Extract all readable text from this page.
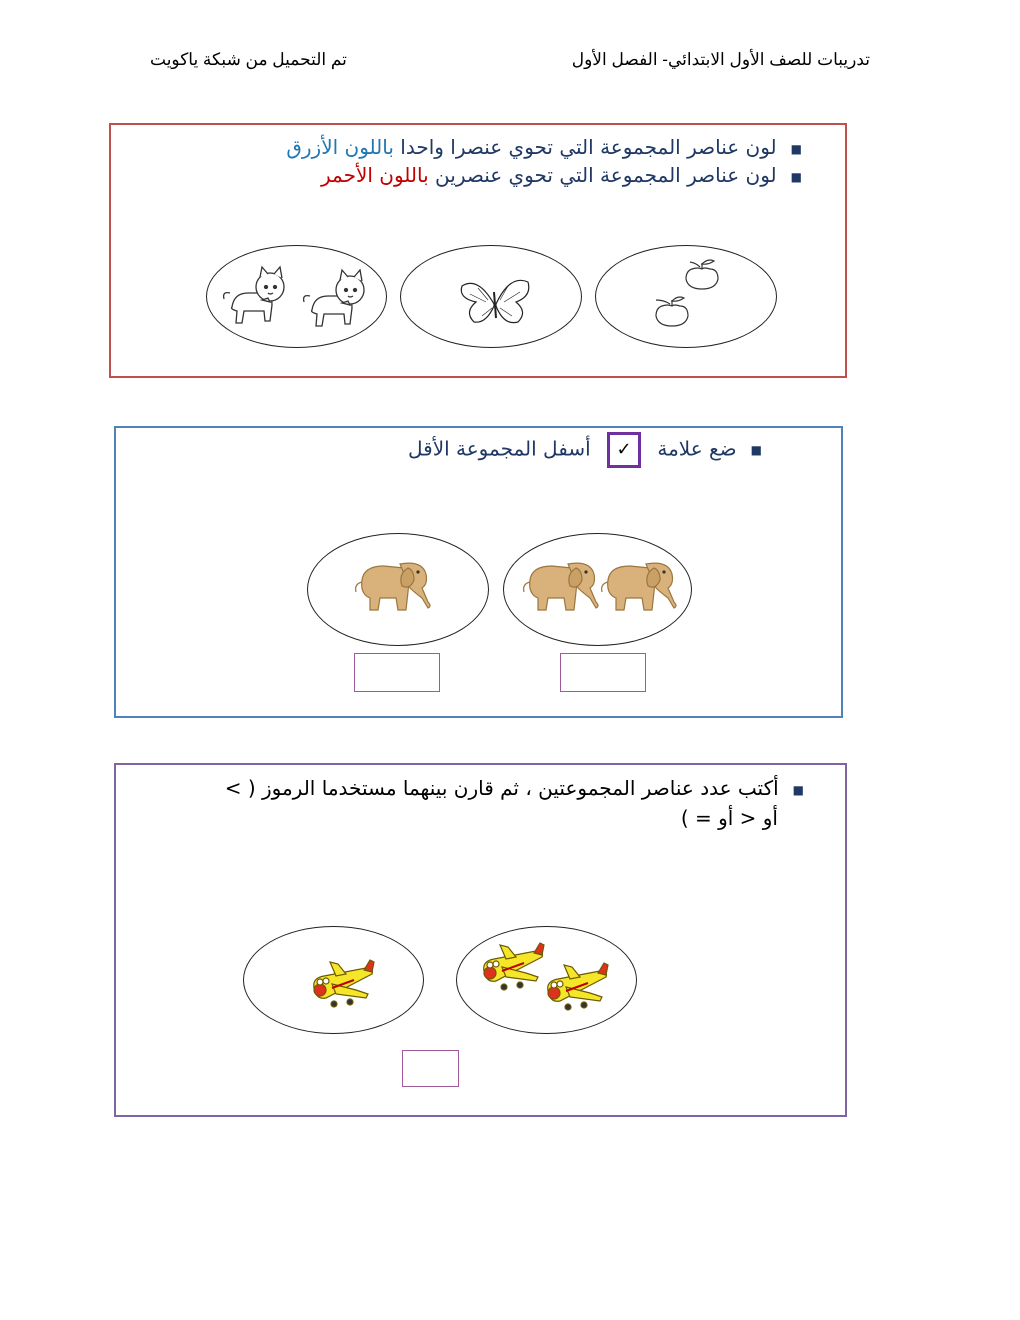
تدريبات للصف الأول الابتدائي- الفصل الأول
تم التحميل من شبكة ياكويت
■لون عناصر المجموعة التي تحوي عنصرا واحدا باللون الأزرق
■لون عناصر المجموعة التي تحوي عنصرين باللون الأحمر
■ضع علامة ✓ أسفل المجموعة الأقل
■أكتب عدد عناصر المجموعتين ، ثم قارن بينهما مستخدما الرموز ( >
أو < أو = )
